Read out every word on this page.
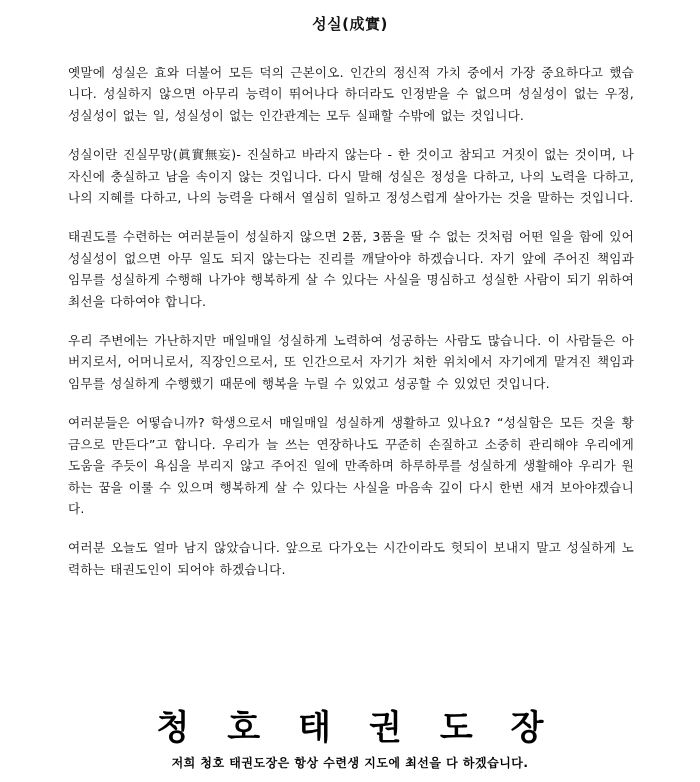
성실(成實)

옛말에 성실은 효와 더불어 모든 덕의 근본이오. 인간의 정신적 가치 중에서 가장 중요하다고 했습니다. 성실하지 않으면 아무리 능력이 뛰어나다 하더라도 인정받을 수 없으며 성실성이 없는 우정, 성실성이 없는 일, 성실성이 없는 인간관계는 모두 실패할 수밖에 없는 것입니다.

성실이란 진실무망(眞實無妄)- 진실하고 바라지 않는다 - 한 것이고 참되고 거짓이 없는 것이며, 나 자신에 충실하고 남을 속이지 않는 것입니다. 다시 말해 성실은 정성을 다하고, 나의 노력을 다하고, 나의 지혜를 다하고, 나의 능력을 다해서 열심히 일하고 정성스럽게 살아가는 것을 말하는 것입니다.

태권도를 수련하는 여러분들이 성실하지 않으면 2품, 3품을 딸 수 없는 것처럼 어떤 일을 함에 있어 성실성이 없으면 아무 일도 되지 않는다는 진리를 깨달아야 하겠습니다. 자기 앞에 주어진 책임과 임무를 성실하게 수행해 나가야 행복하게 살 수 있다는 사실을 명심하고 성실한 사람이 되기 위하여 최선을 다하여야 합니다.

우리 주변에는 가난하지만 매일매일 성실하게 노력하여 성공하는 사람도 많습니다. 이 사람들은 아버지로서, 어머니로서, 직장인으로서, 또 인간으로서 자기가 처한 위치에서 자기에게 맡겨진 책임과 임무를 성실하게 수행했기 때문에 행복을 누릴 수 있었고 성공할 수 있었던 것입니다.

여러분들은 어떻습니까? 학생으로서 매일매일 성실하게 생활하고 있나요? “성실함은 모든 것을 황금으로 만든다”고 합니다. 우리가 늘 쓰는 연장하나도 꾸준히 손질하고 소중히 관리해야 우리에게 도움을 주듯이 욕심을 부리지 않고 주어진 일에 만족하며 하루하루를 성실하게 생활해야 우리가 원하는 꿈을 이룰 수 있으며 행복하게 살 수 있다는 사실을 마음속 깊이 다시 한번 새겨 보아야겠습니다.

여러분 오늘도 얼마 남지 않았습니다. 앞으로 다가오는 시간이라도 헛되이 보내지 말고 성실하게 노력하는 태권도인이 되어야 하겠습니다.

청호태권도장
저희 청호 태권도장은 항상 수련생 지도에 최선을 다 하겠습니다.
